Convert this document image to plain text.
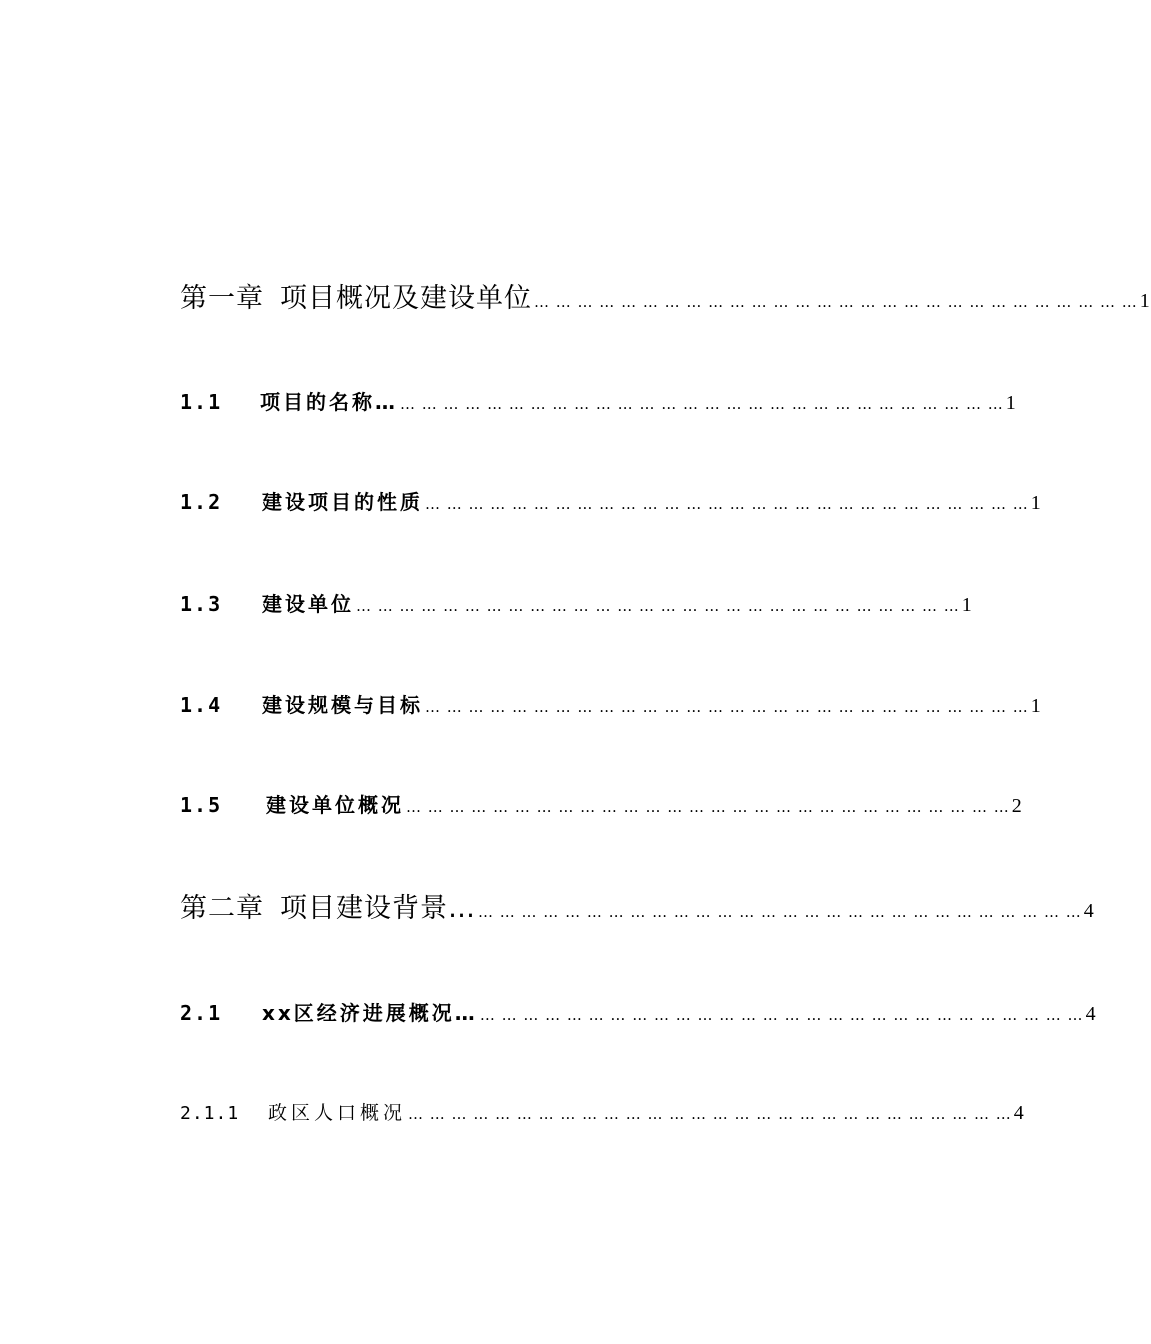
第一章 项目概况及建设单位 … … … … … … … … … … … … … … … … … … … … … … … … … … … … 1
1.1	项目的名称… … … … … … … … … … … … … … … … … … … … … … … … … … … … … 1
1.2	建设项目的性质 … … … … … … … … … … … … … … … … … … … … … … … … … … … … 1
1.3	建设单位 … … … … … … … … … … … … … … … … … … … … … … … … … … … … 1
1.4	建设规模与目标 … … … … … … … … … … … … … … … … … … … … … … … … … … … … 1
1.5	建设单位概况 … … … … … … … … … … … … … … … … … … … … … … … … … … … … 2
第二章 项目建设背景… … … … … … … … … … … … … … … … … … … … … … … … … … … … … 4
2.1	xx区经济进展概况… … … … … … … … … … … … … … … … … … … … … … … … … … … … … 4
2.1.1	政区人口概况 … … … … … … … … … … … … … … … … … … … … … … … … … … … … 4
